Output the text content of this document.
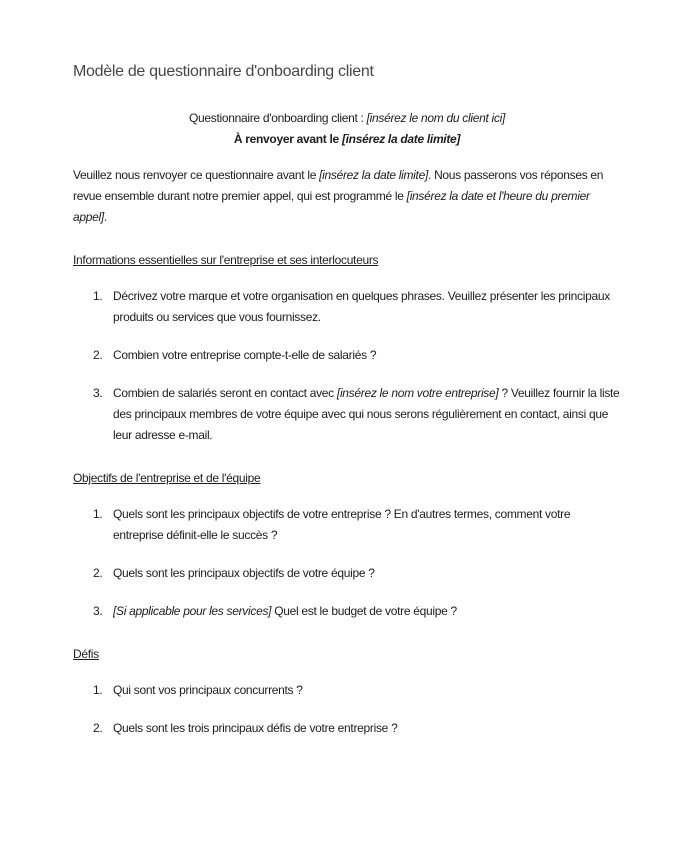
Modèle de questionnaire d'onboarding client
Questionnaire d'onboarding client : [insérez le nom du client ici]
À renvoyer avant le [insérez la date limite]

Veuillez nous renvoyer ce questionnaire avant le [insérez la date limite]. Nous passerons vos réponses en revue ensemble durant notre premier appel, qui est programmé le [insérez la date et l'heure du premier appel].

Informations essentielles sur l'entreprise et ses interlocuteurs
1. Décrivez votre marque et votre organisation en quelques phrases. Veuillez présenter les principaux produits ou services que vous fournissez.
2. Combien votre entreprise compte-t-elle de salariés ?
3. Combien de salariés seront en contact avec [insérez le nom votre entreprise] ? Veuillez fournir la liste des principaux membres de votre équipe avec qui nous serons régulièrement en contact, ainsi que leur adresse e-mail.
Objectifs de l'entreprise et de l'équipe
1. Quels sont les principaux objectifs de votre entreprise ? En d'autres termes, comment votre entreprise définit-elle le succès ?
2. Quels sont les principaux objectifs de votre équipe ?
3. [Si applicable pour les services] Quel est le budget de votre équipe ?
Défis
1. Qui sont vos principaux concurrents ?
2. Quels sont les trois principaux défis de votre entreprise ?
